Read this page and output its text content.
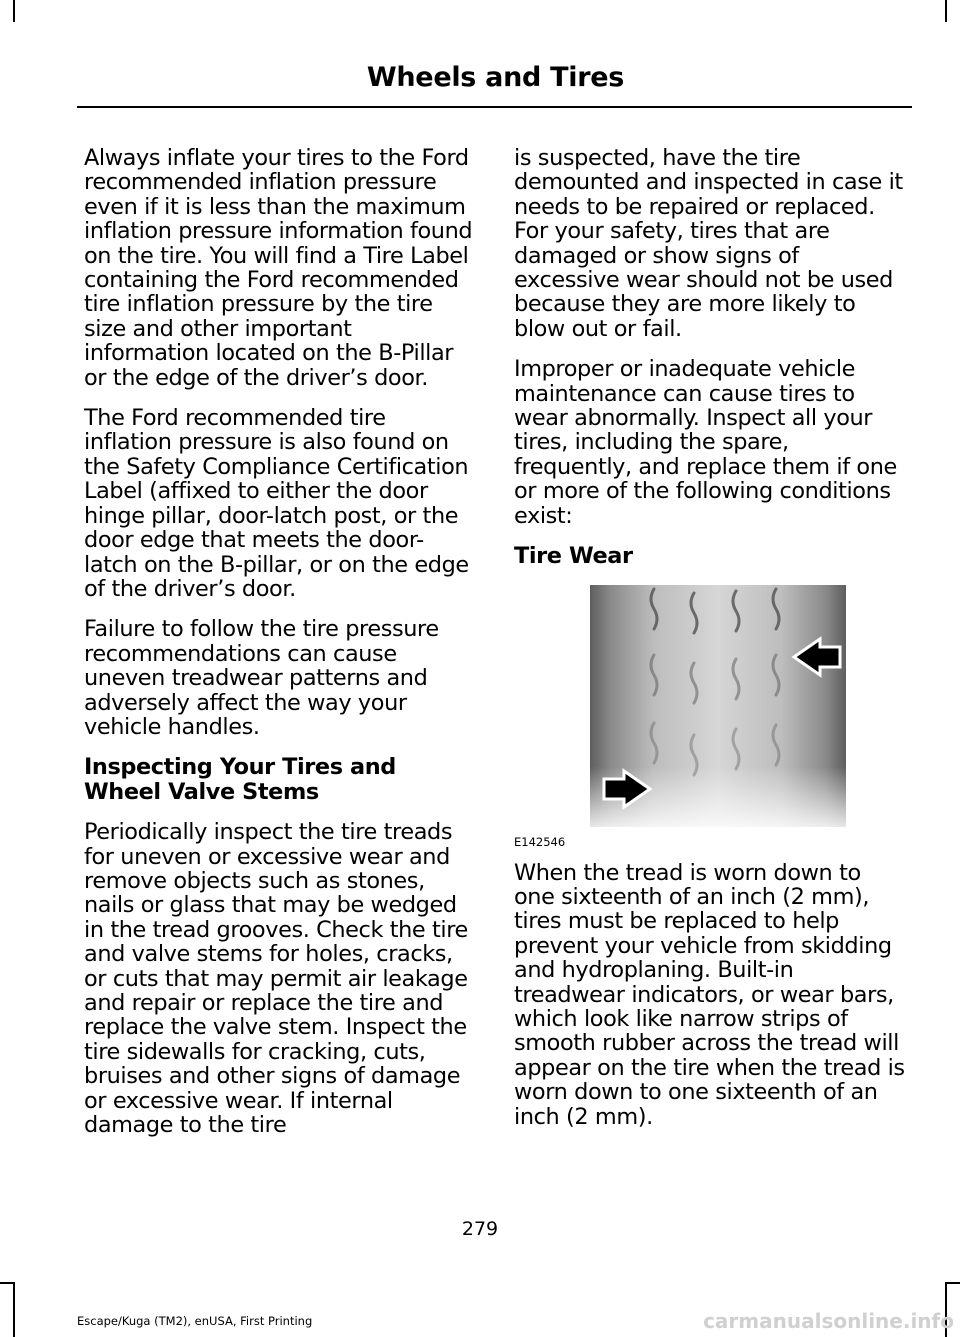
Wheels and Tires

Always inflate your tires to the Ford recommended inflation pressure even if it is less than the maximum inflation pressure information found on the tire. You will find a Tire Label containing the Ford recommended tire inflation pressure by the tire size and other important information located on the B-Pillar or the edge of the driver’s door.

The Ford recommended tire inflation pressure is also found on the Safety Compliance Certification Label (affixed to either the door hinge pillar, door-latch post, or the door edge that meets the door-latch on the B-pillar, or on the edge of the driver’s door.

Failure to follow the tire pressure recommendations can cause uneven treadwear patterns and adversely affect the way your vehicle handles.

Inspecting Your Tires and Wheel Valve Stems

Periodically inspect the tire treads for uneven or excessive wear and remove objects such as stones, nails or glass that may be wedged in the tread grooves. Check the tire and valve stems for holes, cracks, or cuts that may permit air leakage and repair or replace the tire and replace the valve stem. Inspect the tire sidewalls for cracking, cuts, bruises and other signs of damage or excessive wear. If internal damage to the tire

is suspected, have the tire demounted and inspected in case it needs to be repaired or replaced. For your safety, tires that are damaged or show signs of excessive wear should not be used because they are more likely to blow out or fail.

Improper or inadequate vehicle maintenance can cause tires to wear abnormally. Inspect all your tires, including the spare, frequently, and replace them if one or more of the following conditions exist:

Tire Wear
E142546

When the tread is worn down to one sixteenth of an inch (2 mm), tires must be replaced to help prevent your vehicle from skidding and hydroplaning. Built-in treadwear indicators, or wear bars, which look like narrow strips of smooth rubber across the tread will appear on the tire when the tread is worn down to one sixteenth of an inch (2 mm).

279
Escape/Kuga (TM2), enUSA, First Printing	carmanualsonline.info
